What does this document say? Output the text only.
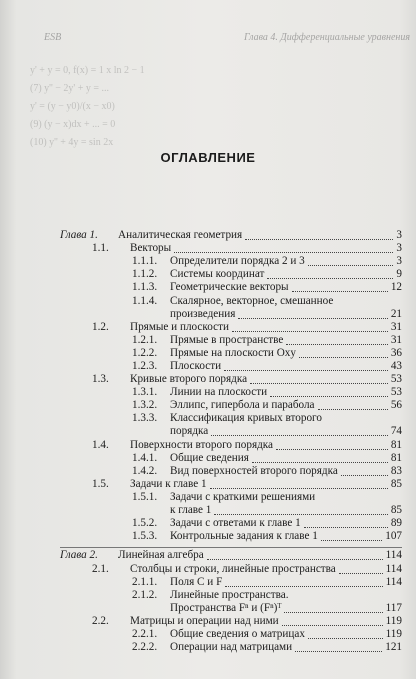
y' + y = 0, f(x) = 1 x ln 2 − 1
(7) y'' − 2y' + y = ...
y' = (y − y0)/(x − x0)
(9) (y − x)dx + ... = 0
(10) y'' + 4y = sin 2x
ESB	Глава 4. Дифференциальные уравнения
ОГЛАВЛЕНИЕ
Глава 1. Аналитическая геометрия	3
1.1. Векторы	3
1.1.1. Определители порядка 2 и 3	3
1.1.2. Системы координат	9
1.1.3. Геометрические векторы	12
1.1.4. Скалярное, векторное, смешанное
произведения	21
1.2. Прямые и плоскости	31
1.2.1. Прямые в пространстве	31
1.2.2. Прямые на плоскости Oxy	36
1.2.3. Плоскости	43
1.3. Кривые второго порядка	53
1.3.1. Линии на плоскости	53
1.3.2. Эллипс, гипербола и парабола	56
1.3.3. Классификация кривых второго
порядка	74
1.4. Поверхности второго порядка	81
1.4.1. Общие сведения	81
1.4.2. Вид поверхностей второго порядка	83
1.5. Задачи к главе 1	85
1.5.1. Задачи с краткими решениями
к главе 1	85
1.5.2. Задачи с ответами к главе 1	89
1.5.3. Контрольные задания к главе 1	107
Глава 2. Линейная алгебра	114
2.1. Столбцы и строки, линейные пространства	114
2.1.1. Поля C и F	114
2.1.2. Линейные пространства.
Пространства Fⁿ и (Fⁿ)ᵀ	117
2.2. Матрицы и операции над ними	119
2.2.1. Общие сведения о матрицах	119
2.2.2. Операции над матрицами	121
